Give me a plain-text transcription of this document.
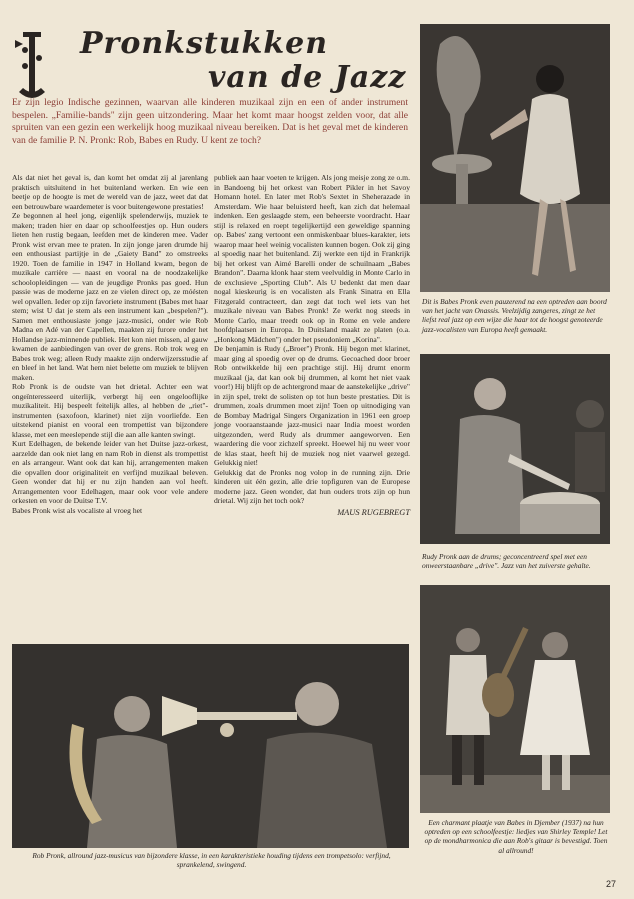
Pronkstukken
van de Jazz

Er zijn legio Indische gezinnen, waarvan alle kinderen muzikaal zijn en een of ander instrument bespelen. „Familie-bands" zijn geen uitzondering. Maar het komt maar hoogst zelden voor, dat alle spruiten van een gezin een werkelijk hoog muzikaal niveau bereiken. Dat is het geval met de kinderen van de familie P. N. Pronk: Rob, Babes en Rudy. U kent ze toch?

Als dat niet het geval is, dan komt het omdat zij al jarenlang praktisch uitsluitend in het buitenland werken. En wie een beetje op de hoogte is met de wereld van de jazz, weet dat dat een betrouwbare waardemeter is voor buitengewone prestaties!

Ze begonnen al heel jong, eigenlijk spelenderwijs, muziek te maken; traden hier en daar op schoolfeestjes op. Hun ouders lieten hen rustig begaan, leefden met de kinderen mee. Vader Pronk wist ervan mee te praten. In zijn jonge jaren drumde hij een enthousiast partijtje in de „Gaiety Band" zo omstreeks 1920. Toen de familie in 1947 in Holland kwam, begon de muzikale carrière — naast en vooral na de noodzakelijke schoolopleidingen — van de jeugdige Pronks pas goed. Hun passie was de moderne jazz en ze vielen direct op, ze móésten wel opvallen. Ieder op zijn favoriete instrument (Babes met haar stem; wist U dat je stem als een instrument kan „bespelen?"). Samen met enthousiaste jonge jazz-musici, onder wie Rob Madna en Adé van der Capellen, maakten zij furore onder het Hollandse jazz-minnende publiek. Het kon niet missen, al gauw kwamen de aanbiedingen van over de grens. Rob trok weg en Babes trok weg; alleen Rudy maakte zijn onderwijzersstudie af en bleef in het land. Wat hem niet belette om muziek te blijven maken.

Rob Pronk is de oudste van het drietal. Achter een wat ongeïnteresseerd uiterlijk, verbergt hij een ongelooflijke muzikaliteit. Hij bespeelt feitelijk alles, al hebben de „riet"-instrumenten (saxofoon, klarinet) niet zijn voorliefde. Een uitstekend pianist en vooral een trompettist van bijzondere klasse, met een meeslepende stijl die aan alle kanten swingt.

Kurt Edelhagen, de bekende leider van het Duitse jazz-orkest, aarzelde dan ook niet lang en nam Rob in dienst als trompettist en als arrangeur. Want ook dat kan hij, arrangementen maken die opvallen door originaliteit en verfijnd muzikaal beleven. Geen wonder dat hij er nu zijn handen aan vol heeft. Arrangementen voor Edelhagen, maar ook voor vele andere orkesten en voor de Duitse T.V.

Babes Pronk wist als vocaliste al vroeg het

publiek aan haar voeten te krijgen. Als jong meisje zong ze o.m. in Bandoeng bij het orkest van Robert Pikler in het Savoy Homann hotel. En later met Rob's Sextet in Sheherazade in Amsterdam. Wie haar beluisterd heeft, kan zich dat helemaal indenken. Een geslaagde stem, een beheerste voordracht. Haar stijl is relaxed en roept tegelijkertijd een geweldige spanning op. Babes' zang vertoont een onmiskenbaar blues-karakter, iets waarop maar heel weinig vocalisten kunnen bogen. Ook zij ging al spoedig naar het buitenland. Zij werkte een tijd in Frankrijk bij het orkest van Aimé Barelli onder de schuilnaam „Babes Brandon". Daarna klonk haar stem veelvuldig in Monte Carlo in de exclusieve „Sporting Club". Als U bedenkt dat men daar nogal kieskeurig is en vocalisten als Frank Sinatra en Ella Fitzgerald contracteert, dan zegt dat toch wel iets van het muzikale niveau van Babes Pronk! Ze werkt nog steeds in Monte Carlo, maar treedt ook op in Rome en vele andere hoofdplaatsen in Europa. In Duitsland maakt ze platen (o.a. „Honkong Mädchen") onder het pseudoniem „Korina".

De benjamin is Rudy („Broer") Pronk. Hij begon met klarinet, maar ging al spoedig over op de drums. Gecoached door broer Rob ontwikkelde hij een prachtige stijl. Hij drumt enorm muzikaal (ja, dat kan ook bij drummen, al komt het niet vaak voor!) Hij blijft op de achtergrond maar de aanstekelijke „drive" in zijn spel, trekt de solisten op tot hun beste prestaties. Dit is drummen, zoals drummen moet zijn! Toen op uitnodiging van de Bombay Madrigal Singers Organization in 1961 een groep jonge vooraanstaande jazz-musici naar India moest worden uitgezonden, werd Rudy als drummer aangeworven. Een waardering die voor zichzelf spreekt. Hoewel hij nu weer voor de klas staat, heeft hij de muziek nog niet vaarwel gezegd. Gelukkig niet!

Gelukkig dat de Pronks nog volop in de running zijn. Drie kinderen uit één gezin, alle drie topfiguren van de Europese moderne jazz. Geen wonder, dat hun ouders trots zijn op hun drietal. Wij zijn het toch ook?

MAUS RUGEBREGT

Dit is Babes Pronk even pauzerend na een optreden aan boord van het jacht van Onassis. Veelzijdig zangeres, zingt ze het liefst real jazz op een wijze die haar tot de hoogst genoteerde jazz-vocalisten van Europa heeft gemaakt.

Rudy Pronk aan de drums; geconcentreerd spel met een onweerstaanbare „drive". Jazz van het zuiverste gehalte.

Rob Pronk, allround jazz-musicus van bijzondere klasse, in een karakteristieke houding tijdens een trompetsolo: verfijnd, sprankelend, swingend.

Een charmant plaatje van Babes in Djember (1937) na hun optreden op een schoolfeestje: liedjes van Shirley Temple! Let op de mondharmonica die aan Rob's gitaar is bevestigd. Toen al allround!

27
